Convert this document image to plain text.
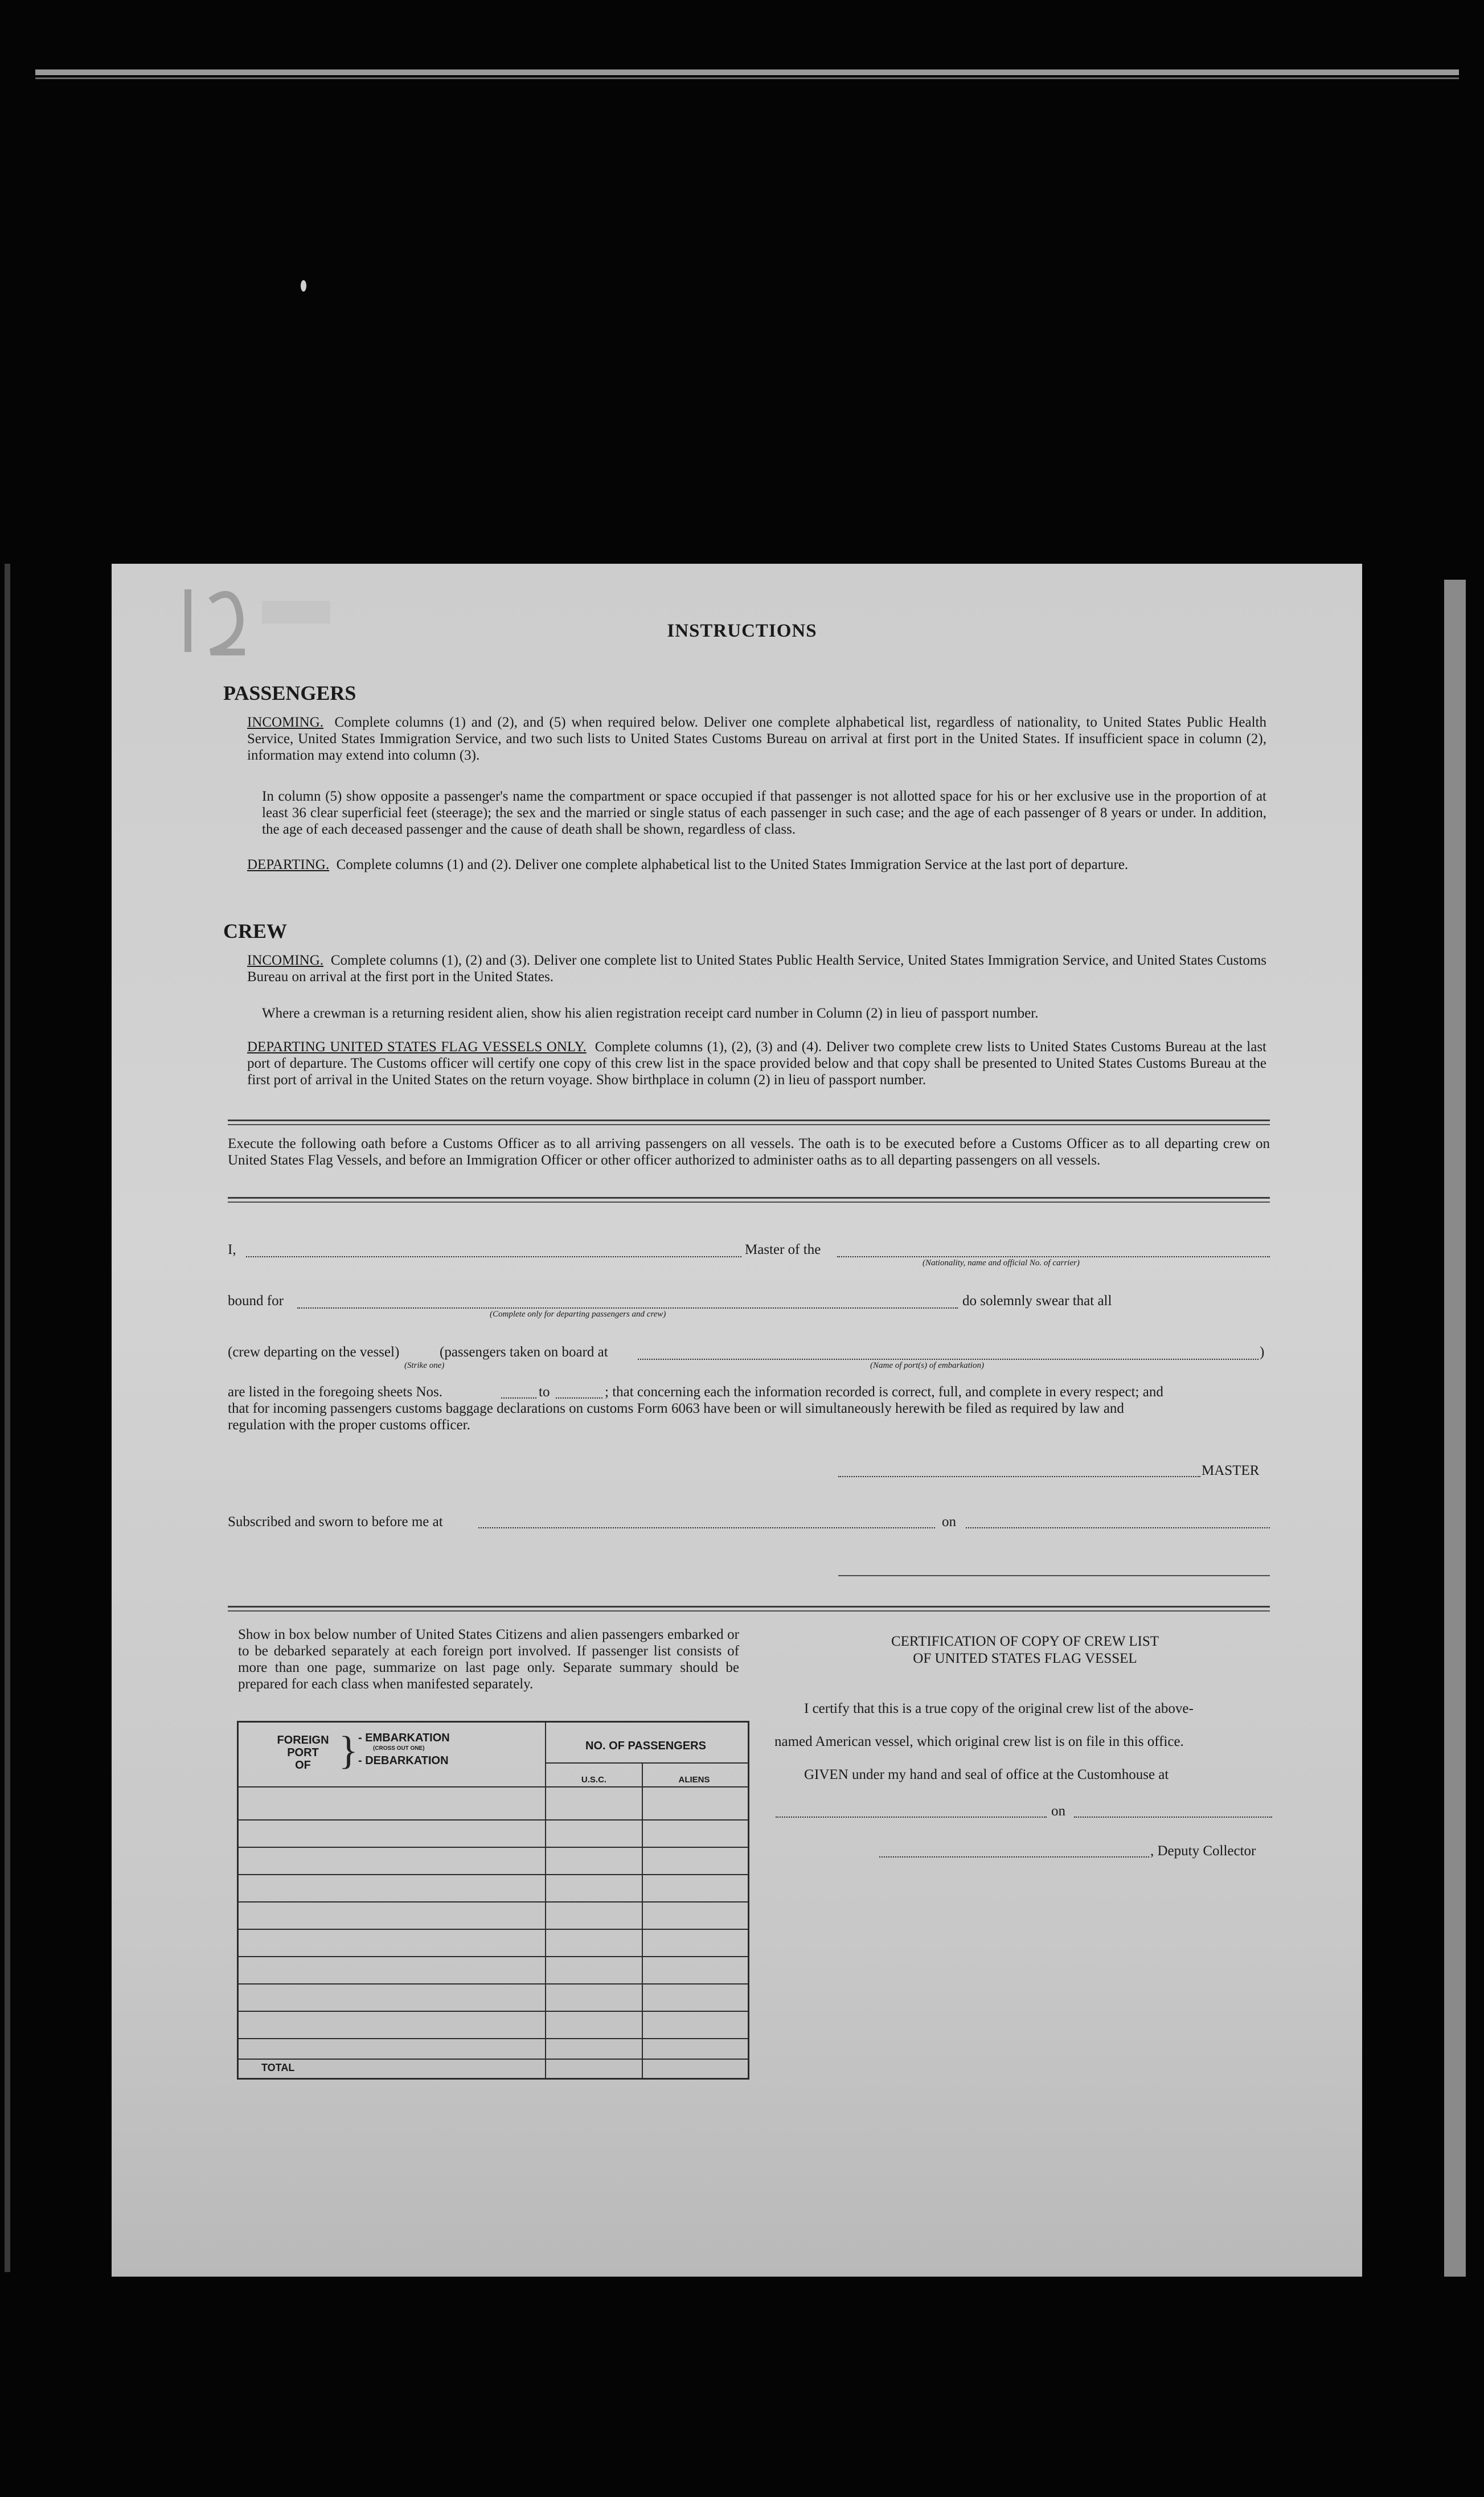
INSTRUCTIONS
PASSENGERS
INCOMING. Complete columns (1) and (2), and (5) when required below. Deliver one complete alphabetical list, regardless of nationality, to United States Public Health Service, United States Immigration Service, and two such lists to United States Customs Bureau on arrival at first port in the United States. If insufficient space in column (2), information may extend into column (3).
In column (5) show opposite a passenger's name the compartment or space occupied if that passenger is not allotted space for his or her exclusive use in the proportion of at least 36 clear superficial feet (steerage); the sex and the married or single status of each passenger in such case; and the age of each passenger of 8 years or under. In addition, the age of each deceased passenger and the cause of death shall be shown, regardless of class.
DEPARTING. Complete columns (1) and (2). Deliver one complete alphabetical list to the United States Immigration Service at the last port of departure.
CREW
INCOMING. Complete columns (1), (2) and (3). Deliver one complete list to United States Public Health Service, United States Immigration Service, and United States Customs Bureau on arrival at the first port in the United States.
Where a crewman is a returning resident alien, show his alien registration receipt card number in Column (2) in lieu of passport number.
DEPARTING UNITED STATES FLAG VESSELS ONLY. Complete columns (1), (2), (3) and (4). Deliver two complete crew lists to United States Customs Bureau at the last port of departure. The Customs officer will certify one copy of this crew list in the space provided below and that copy shall be presented to United States Customs Bureau at the first port of arrival in the United States on the return voyage. Show birthplace in column (2) in lieu of passport number.
Execute the following oath before a Customs Officer as to all arriving passengers on all vessels. The oath is to be executed before a Customs Officer as to all departing crew on United States Flag Vessels, and before an Immigration Officer or other officer authorized to administer oaths as to all departing passengers on all vessels.
I,	Master of the
(Nationality, name and official No. of carrier)
bound for
(Complete only for departing passengers and crew)
do solemnly swear that all
(crew departing on the vessel)	(passengers taken on board at
(Strike one)
)
(Name of port(s) of embarkation)
are listed in the foregoing sheets Nos.	to	; that concerning each the information recorded is correct, full, and complete in every respect; and
that for incoming passengers customs baggage declarations on customs Form 6063 have been or will simultaneously herewith be filed as required by law and
regulation with the proper customs officer.
MASTER
Subscribed and sworn to before me at	on
Show in box below number of United States Citizens and alien passengers embarked or to be debarked separately at each foreign port involved. If passenger list consists of more than one page, summarize on last page only. Separate summary should be prepared for each class when manifested separately.
FOREIGN
PORT
OF } - EMBARKATION
(CROSS OUT ONE)
- DEBARKATION
NO. OF PASSENGERS
U.S.C.	ALIENS
TOTAL
CERTIFICATION OF COPY OF CREW LIST
OF UNITED STATES FLAG VESSEL
I certify that this is a true copy of the original crew list of the above-
named American vessel, which original crew list is on file in this office.
GIVEN under my hand and seal of office at the Customhouse at
on
, Deputy Collector
